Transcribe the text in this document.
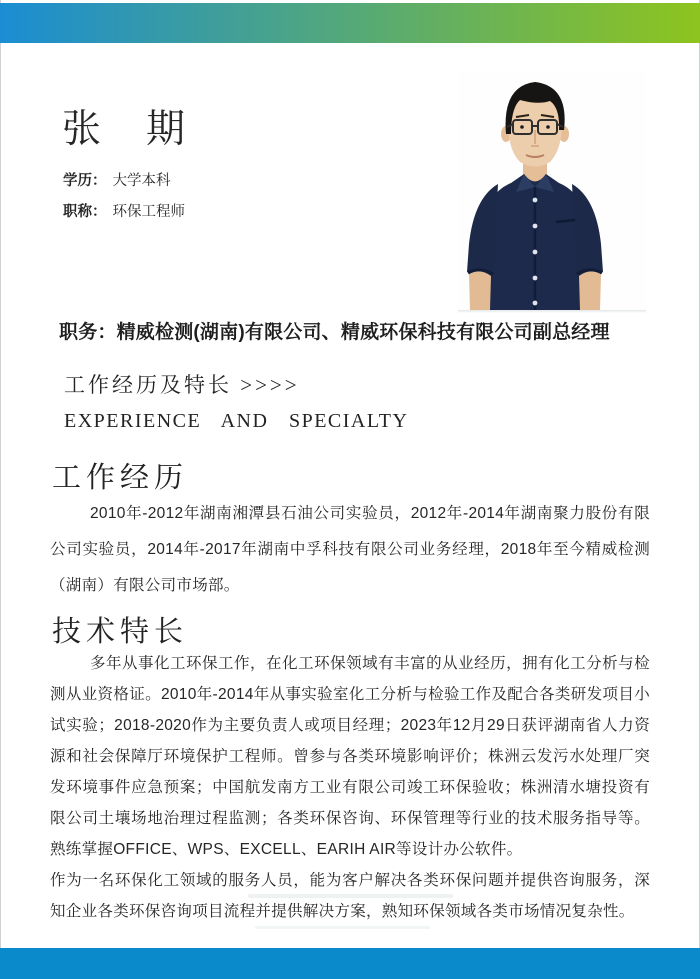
张　期
学历： 大学本科
职称： 环保工程师
职务：精威检测(湖南)有限公司、精威环保科技有限公司副总经理
工作经历及特长 >>>>
EXPERIENCE AND SPECIALTY
工作经历

2010年-2012年湖南湘潭县石油公司实验员，2012年-2014年湖南聚力股份有限公司实验员，2014年-2017年湖南中孚科技有限公司业务经理，2018年至今精威检测（湖南）有限公司市场部。

技术特长

多年从事化工环保工作，在化工环保领域有丰富的从业经历，拥有化工分析与检测从业资格证。2010年-2014年从事实验室化工分析与检验工作及配合各类研发项目小试实验；2018-2020作为主要负责人或项目经理；2023年12月29日获评湖南省人力资源和社会保障厅环境保护工程师。曾参与各类环境影响评价；株洲云发污水处理厂突发环境事件应急预案；中国航发南方工业有限公司竣工环保验收；株洲清水塘投资有限公司土壤场地治理过程监测；各类环保咨询、环保管理等行业的技术服务指导等。熟练掌握OFFICE、WPS、EXCELL、EARIH AIR等设计办公软件。

作为一名环保化工领域的服务人员，能为客户解决各类环保问题并提供咨询服务，深知企业各类环保咨询项目流程并提供解决方案，熟知环保领域各类市场情况复杂性。
